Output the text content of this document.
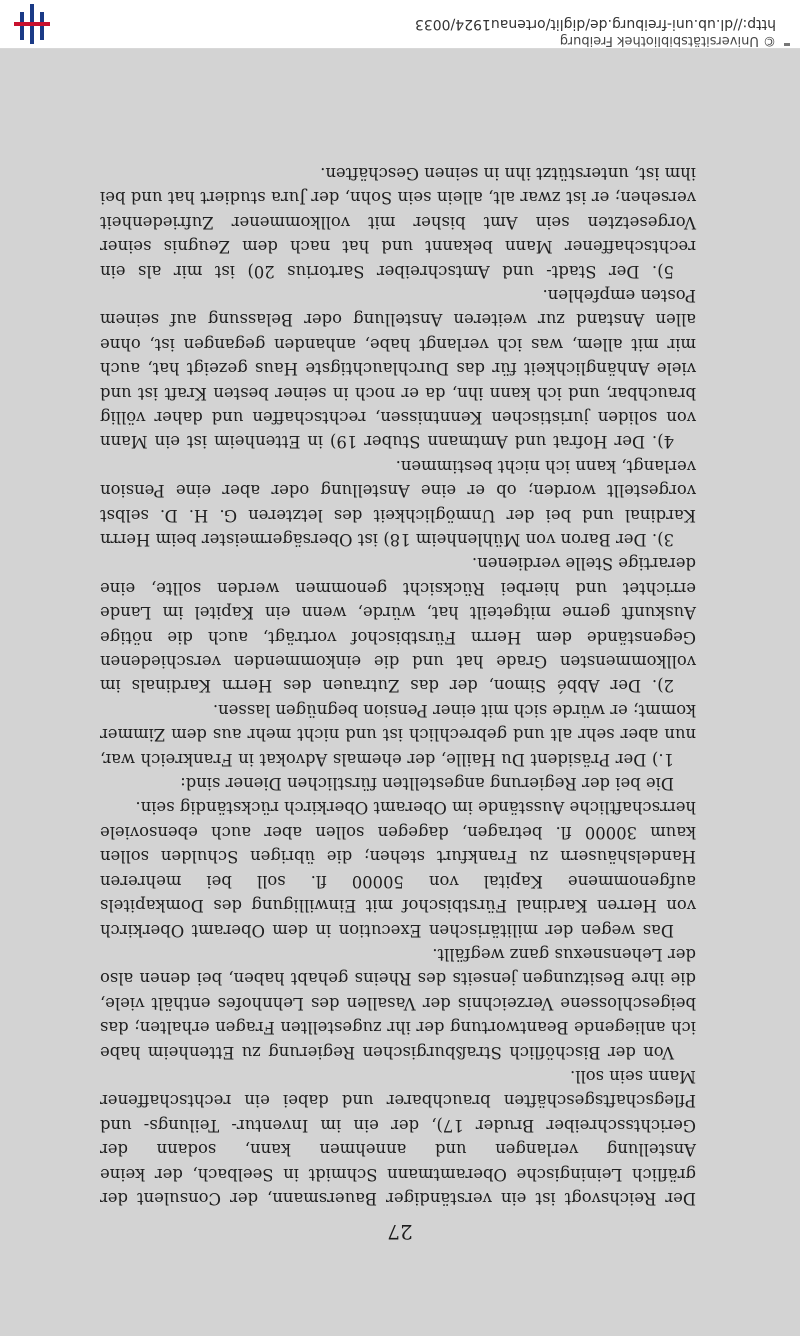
27

Der Reichsvogt ist ein verständiger Bauersmann, der Consulent der gräflich Leiningische Oberamtmann Schmidt in Seelbach, der keine Anstellung verlangen und annehmen kann, sodann der Gerichtsschreiber Bruder 17), der ein im Inventur- Teilungs- und Pflegschaftsgeschäften brauchbarer und dabei ein rechtschaffener Mann sein soll.

Von der Bischöflich Straßburgischen Regierung zu Ettenheim habe ich anliegende Beantwortung der ihr zugestellten Fragen erhalten; das beigeschlossene Verzeichnis der Vasallen des Lehnhofes enthält viele, die ihre Besitzungen jenseits des Rheins gehabt haben, bei denen also der Lehensnexus ganz wegfällt.

Das wegen der militärischen Execution in dem Oberamt Oberkirch von Herren Kardinal Fürstbischof mit Einwilligung des Domkapitels aufgenommene Kapital von 50000 fl. soll bei mehreren Handelshäusern zu Frankfurt stehen; die übrigen Schulden sollen kaum 30000 fl. betragen, dagegen sollen aber auch ebensoviele herrschaftliche Ausstände im Oberamt Oberkirch rückständig sein.

Die bei der Regierung angestellten fürstlichen Diener sind:

1.) Der Präsident Du Haille, der ehemals Advokat in Frankreich war, nun aber sehr alt und gebrechlich ist und nicht mehr aus dem Zimmer kommt; er würde sich mit einer Pension begnügen lassen.

2). Der Abbé Simon, der das Zutrauen des Herrn Kardinals im vollkommensten Grade hat und die einkommenden verschiedenen Gegenstände dem Herrn Fürstbischof vorträgt, auch die nötige Auskunft gerne mitgeteilt hat, würde, wenn ein Kapitel im Lande errichtet und hierbei Rücksicht genommen werden sollte, eine derartige Stelle verdienen.

3). Der Baron von Mühlenheim 18) ist Obersägermeister beim Herrn Kardinal und bei der Unmöglichkeit des letzteren G. H. D. selbst vorgestellt worden; ob er eine Anstellung oder aber eine Pension verlangt, kann ich nicht bestimmen.

4). Der Hofrat und Amtmann Stuber 19) in Ettenheim ist ein Mann von soliden juristischen Kenntnissen, rechtschaffen und daher völlig brauchbar, und ich kann ihn, da er noch in seiner besten Kraft ist und viele Anhänglichkeit für das Durchlauchtigste Haus gezeigt hat, auch mir mit allem, was ich verlangt habe, anhanden gegangen ist, ohne allen Anstand zur weiteren Anstellung oder Belassung auf seinem Posten empfehlen.

5). Der Stadt- und Amtschreiber Sartorius 20) ist mir als ein rechtschaffener Mann bekannt und hat nach dem Zeugnis seiner Vorgesetzten sein Amt bisher mit vollkommener Zufriedenheit versehen; er ist zwar alt, allein sein Sohn, der Jura studiert hat und bei ihm ist, unterstützt ihn in seinen Geschäften.

© Universitätsbibliothek Freiburg
http://dl.ub.uni-freiburg.de/diglit/ortenau1924/0033
